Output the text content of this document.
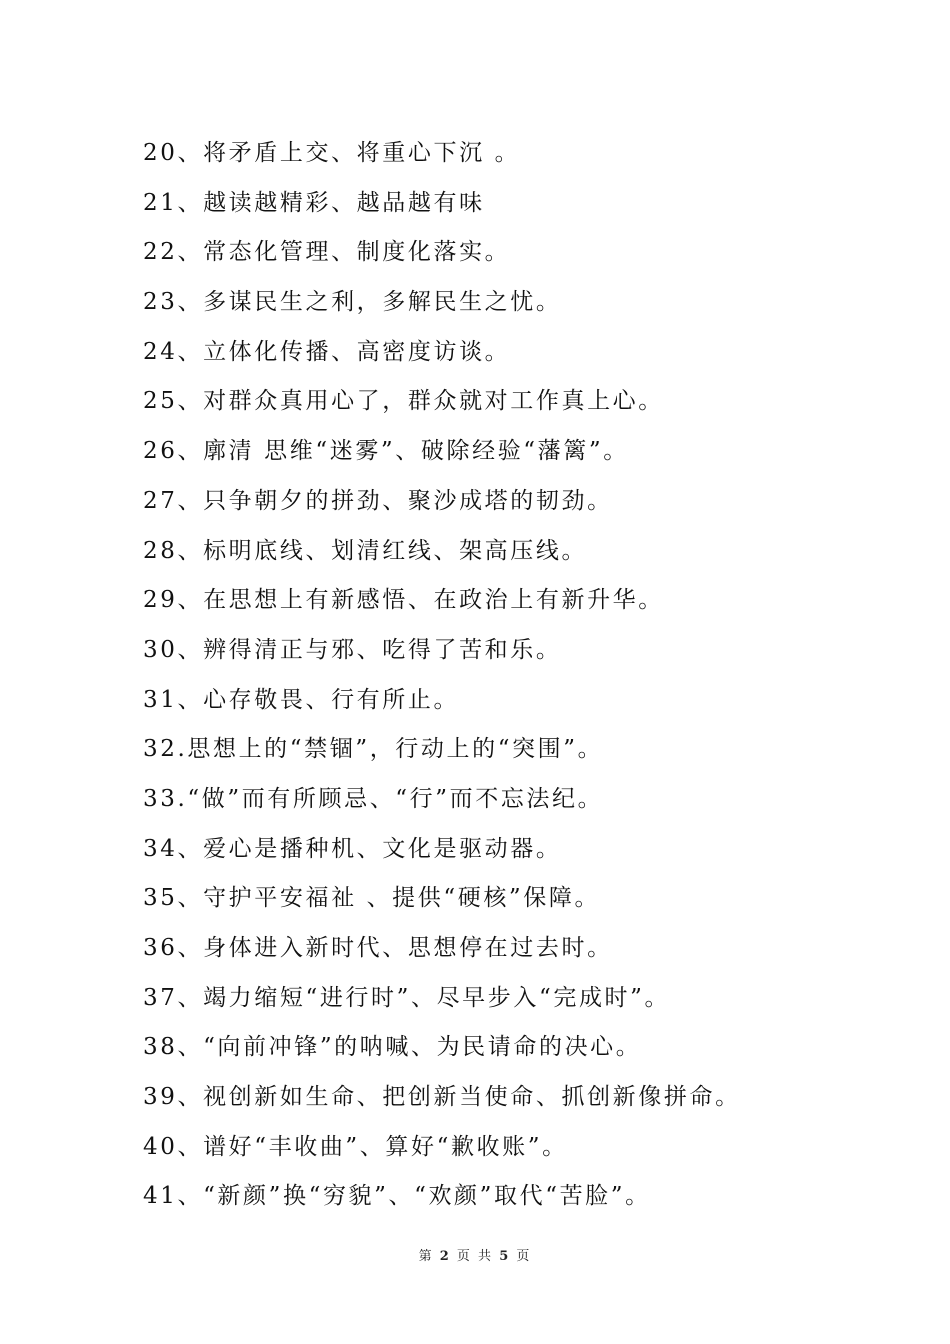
20、将矛盾上交、将重心下沉 。
21、越读越精彩、越品越有味
22、常态化管理、制度化落实。
23、多谋民生之利，多解民生之忧。
24、立体化传播、高密度访谈。
25、对群众真用心了，群众就对工作真上心。
26、廓清 思维“迷雾”、破除经验“藩篱”。
27、只争朝夕的拼劲、聚沙成塔的韧劲。
28、标明底线、划清红线、架高压线。
29、在思想上有新感悟、在政治上有新升华。
30、辨得清正与邪、吃得了苦和乐。
31、心存敬畏、行有所止。
32.思想上的“禁锢”，行动上的“突围”。
33.“做”而有所顾忌、“行”而不忘法纪。
34、爱心是播种机、文化是驱动器。
35、守护平安福祉 、提供“硬核”保障。
36、身体进入新时代、思想停在过去时。
37、竭力缩短“进行时”、尽早步入“完成时”。
38、“向前冲锋”的呐喊、为民请命的决心。
39、视创新如生命、把创新当使命、抓创新像拼命。
40、谱好“丰收曲”、算好“歉收账”。
41、“新颜”换“穷貌”、“欢颜”取代“苦脸”。
第 2 页 共 5 页
